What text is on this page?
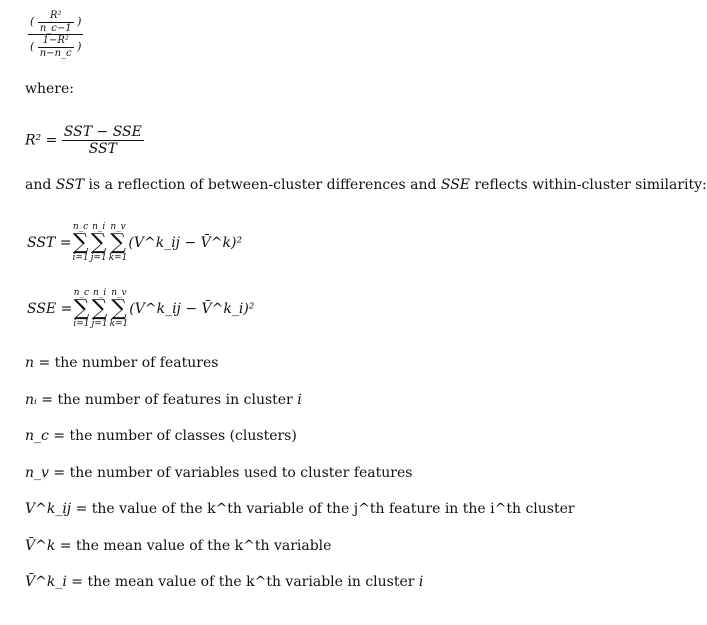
$\frac{( \frac{\text{R²}}{n\_c-1} )}{( \frac{\text{1−R²}}{n-n\_c} )}$
where:
$R^2 = \frac{\text{SST − SSE}}{\text{SST}}$
and SST is a reflection of between-cluster differences and SSE reflects within-cluster similarity:
SST =
n_c
∑
i=1
n_i
∑
j=1
n_v
∑
k=1
(V^k_ij − V̄^k)²
SSE =
n_c
∑
i=1
n_i
∑
j=1
n_v
∑
k=1
(V^k_ij − V̄^k_i)²
n = the number of features
nᵢ = the number of features in cluster i
n_c = the number of classes (clusters)
n_v = the number of variables used to cluster features
V^k_ij = the value of the k^th variable of the j^th feature in the i^th cluster
V̄^k = the mean value of the k^th variable
V̄^k_i = the mean value of the k^th variable in cluster i
